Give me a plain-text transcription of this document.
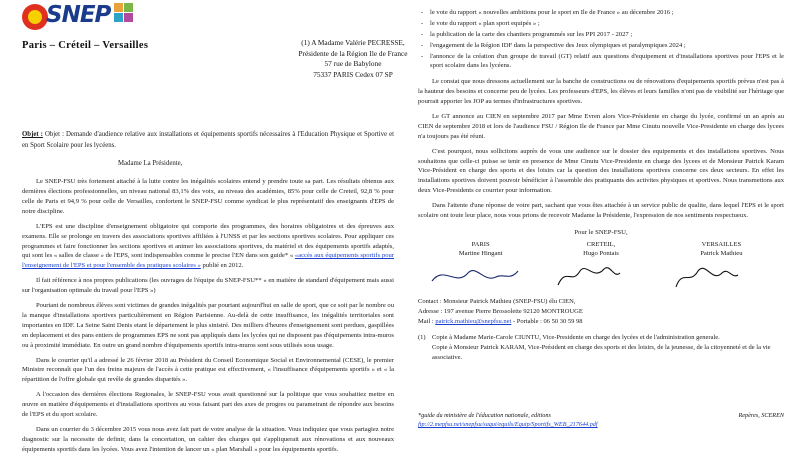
SNEP
Paris – Créteil – Versailles	(1) A Madame Valérie PECRESSE,
Présidente de la Région Ile de France
57 rue de Babylone
75337 PARIS Cedex 07 SP

Objet : Objet : Demande d'audience relative aux installations et équipements sportifs nécessaires à l'Education Physique et Sportive et en Sport Scolaire pour les lycéens.

Madame La Présidente,

Le SNEP-FSU très fortement attaché à la lutte contre les inégalités scolaires entend y prendre toute sa part. Les résultats obtenus aux dernières élections professionnelles, un niveau national 83,1% des voix, au niveau des académies, 85% pour celle de Creteil, 92,8 % pour celle de Paris et 94,9 % pour celle de Versailles, confortent le SNEP-FSU comme syndicat le plus représentatif des enseignants d'EPS de notre discipline.

L'EPS est une discipline d'enseignement obligatoire qui comporte des programmes, des horaires obligatoires et des épreuves aux examens. Elle se prolonge en travers des associations sportives affiliées à l'UNSS et par les sections sportives scolaires. Pour appliquer ces programmes et faire fonctionner les sections sportives et animer les associations sportives, du matériel et des équipements sportifs adaptés, qui sont les « salles de classe » de l'EPS, sont indispensables comme le precise l'EN dans son guide* « «accès aux équipements sportifs pour l'enseignement de l'EPS et pour l'ensemble des pratiques scolaires » publié en 2012.

Il fait référence à nos propres publications (les ouvrages de l'équipe du SNEP-FSU** « en matière de standard d'équipement mais aussi sur l'organisation optimale du travail pour l'EPS »)

Pourtant de nombreux élèves sont victimes de grandes inégalités par pourtant aujourd'hui en salle de sport, que ce soit par le nombre ou la manque d'installations sportives particulièrement en Région Parisienne. Au-delà de cette insuffisance, les inégalités territoriales sont importantes en IDF. La Seine Saint Denis etant le département le plus sinistré. Des milliers d'heures d'enseignement sont perdues, gaspillées en deplacement et des pans entiers de programmes EPS ne sont pas appliqués dans les lycées qui ne disposent pas d'équipements intra-muros ou à proximité immédiate. En outre un grand nombre d'équipements sportifs intra-muros sont sous utilisés sous usage.

Dans le courrier qu'il a adressé le 26 février 2018 au Président du Conseil Economique Social et Environnemental (CESE), le premier Ministre reconnaît que l'un des freins majeurs de l'accès à cette pratique est effectivement, « l'insuffisance d'équipements sportifs » et « la répartition de l'offre globale qui revêle de grandes disparités ».

A l'occasion des dernières élections Regionales, le SNEP-FSU vous avait questionné sur la politique que vous souhaitiez mettre en œuvre en matière d'équipements et d'installations sportives au vous faisant part des axes de progres ou parametrant de répondre aux besoins de l'EPS et du sport scolaire.

Dans un courrier du 3 décembre 2015 vous nous avez fait part de votre analyse de la situation. Vous indiquiez que vous partagiez notre diagnostic sur la necessite de definir, dans la concertation, un cahier des charges qui s'appliquerait aux rénovations et aux nouveaux équipements sportifs dans les lycées. Vous avez l'intention de lancer un « plan Marshall » pour les équipements sportifs.

- le vote du rapport « nouvelles ambitions pour le sport en Ile de France » au décembre 2016 ;
- le vote du rapport « plan sport equipés » ;
- la publication de la carte des chantiers programmés sur les PPI 2017 - 2027 ;
- l'engagement de la Région IDF dans la perspective des Jeux olympiques et paralympiques 2024 ;
- l'annonce de la création d'un groupe de travail (GT) relatif aux questions d'equipement et d'installations sportives pour l'EPS et le sport scolaire dans les lycéens.

Le constat que nous dressons actuellement sur la banche de constructions ou de rénovations d'equipements sportifs prévus n'est pas à la hauteur des besoins et concerne peu de lycées. Les professeurs d'EPS, les élèves et leurs familles n'ont pas de visibilité sur l'héritage que pourrait apporter les JOP au termes d'infrastructures sportives.

Le GT annonce au CIEN en septembre 2017 par Mme Evren alors Vice-Présidente en charge du lycée, confirmé un an après au CIEN de septembre 2018 et lors de l'audience FSU / Région Ile de France par Mme Cinutu nouvelle Vice-Presidente en charge des lycees n'a toujours pas été réuni.

C'est pourquoi, nous sollicitons auprès de vous une audience sur le dossier des equipements et des installations sportives. Nous souhaitons que celle-ci puisse se tenir en presence de Mme Cinutu Vice-Presidente en charge des lycees et de Monsieur Patrick Karam Vice-Président en charge des sports et des loisirs car la question des installations sportives concerne ces deux secteurs. En effet les installations sportives doivent pouvoir bénéficier à l'assemble des pratiquants des activites physiques et sportives. Nous transmettons aux deux Vice-Presidents ce courrier pour information.

Dans l'attente d'une réponse de votre part, sachant que vous êtes attachée à un service public de qualite, dans lequel l'EPS et le sport scolaire ont toute leur place, nous vous prions de recevoir Madame la Présidente, l'expression de nos sentiments respectueux.

Pour le SNEP-FSU,
PARIS
Martine Hingant
CRETEIL,
Hugo Pontais
VERSAILLES
Patrick Mathieu
Contact : Monsieur Patrick Mathieu (SNEP-FSU) élu CIEN,
Adresse : 197 avenue Pierre Brossolette 92120 MONTROUGE
Mail : patrick.mathieu@snepfsu.net - Portable : 06 50 30 59 98
(1) Copie à Madame Marie-Carole CIUNTU, Vice-Presidente en charge des lycées et de l'administration generale.
Copie à Monsieur Patrick KARAM, Vice-Président en charge des sports et des loisirs, de la jeunesse, de la citoyenneté et de la vie associative.
Repères, SCEREN
*guide du ministère de l'éducation nationale, editions
ftp://2.mepfsu.net/snepfsu/saqui/equils/Equip/Sportifs_WEB_217644.pdf
